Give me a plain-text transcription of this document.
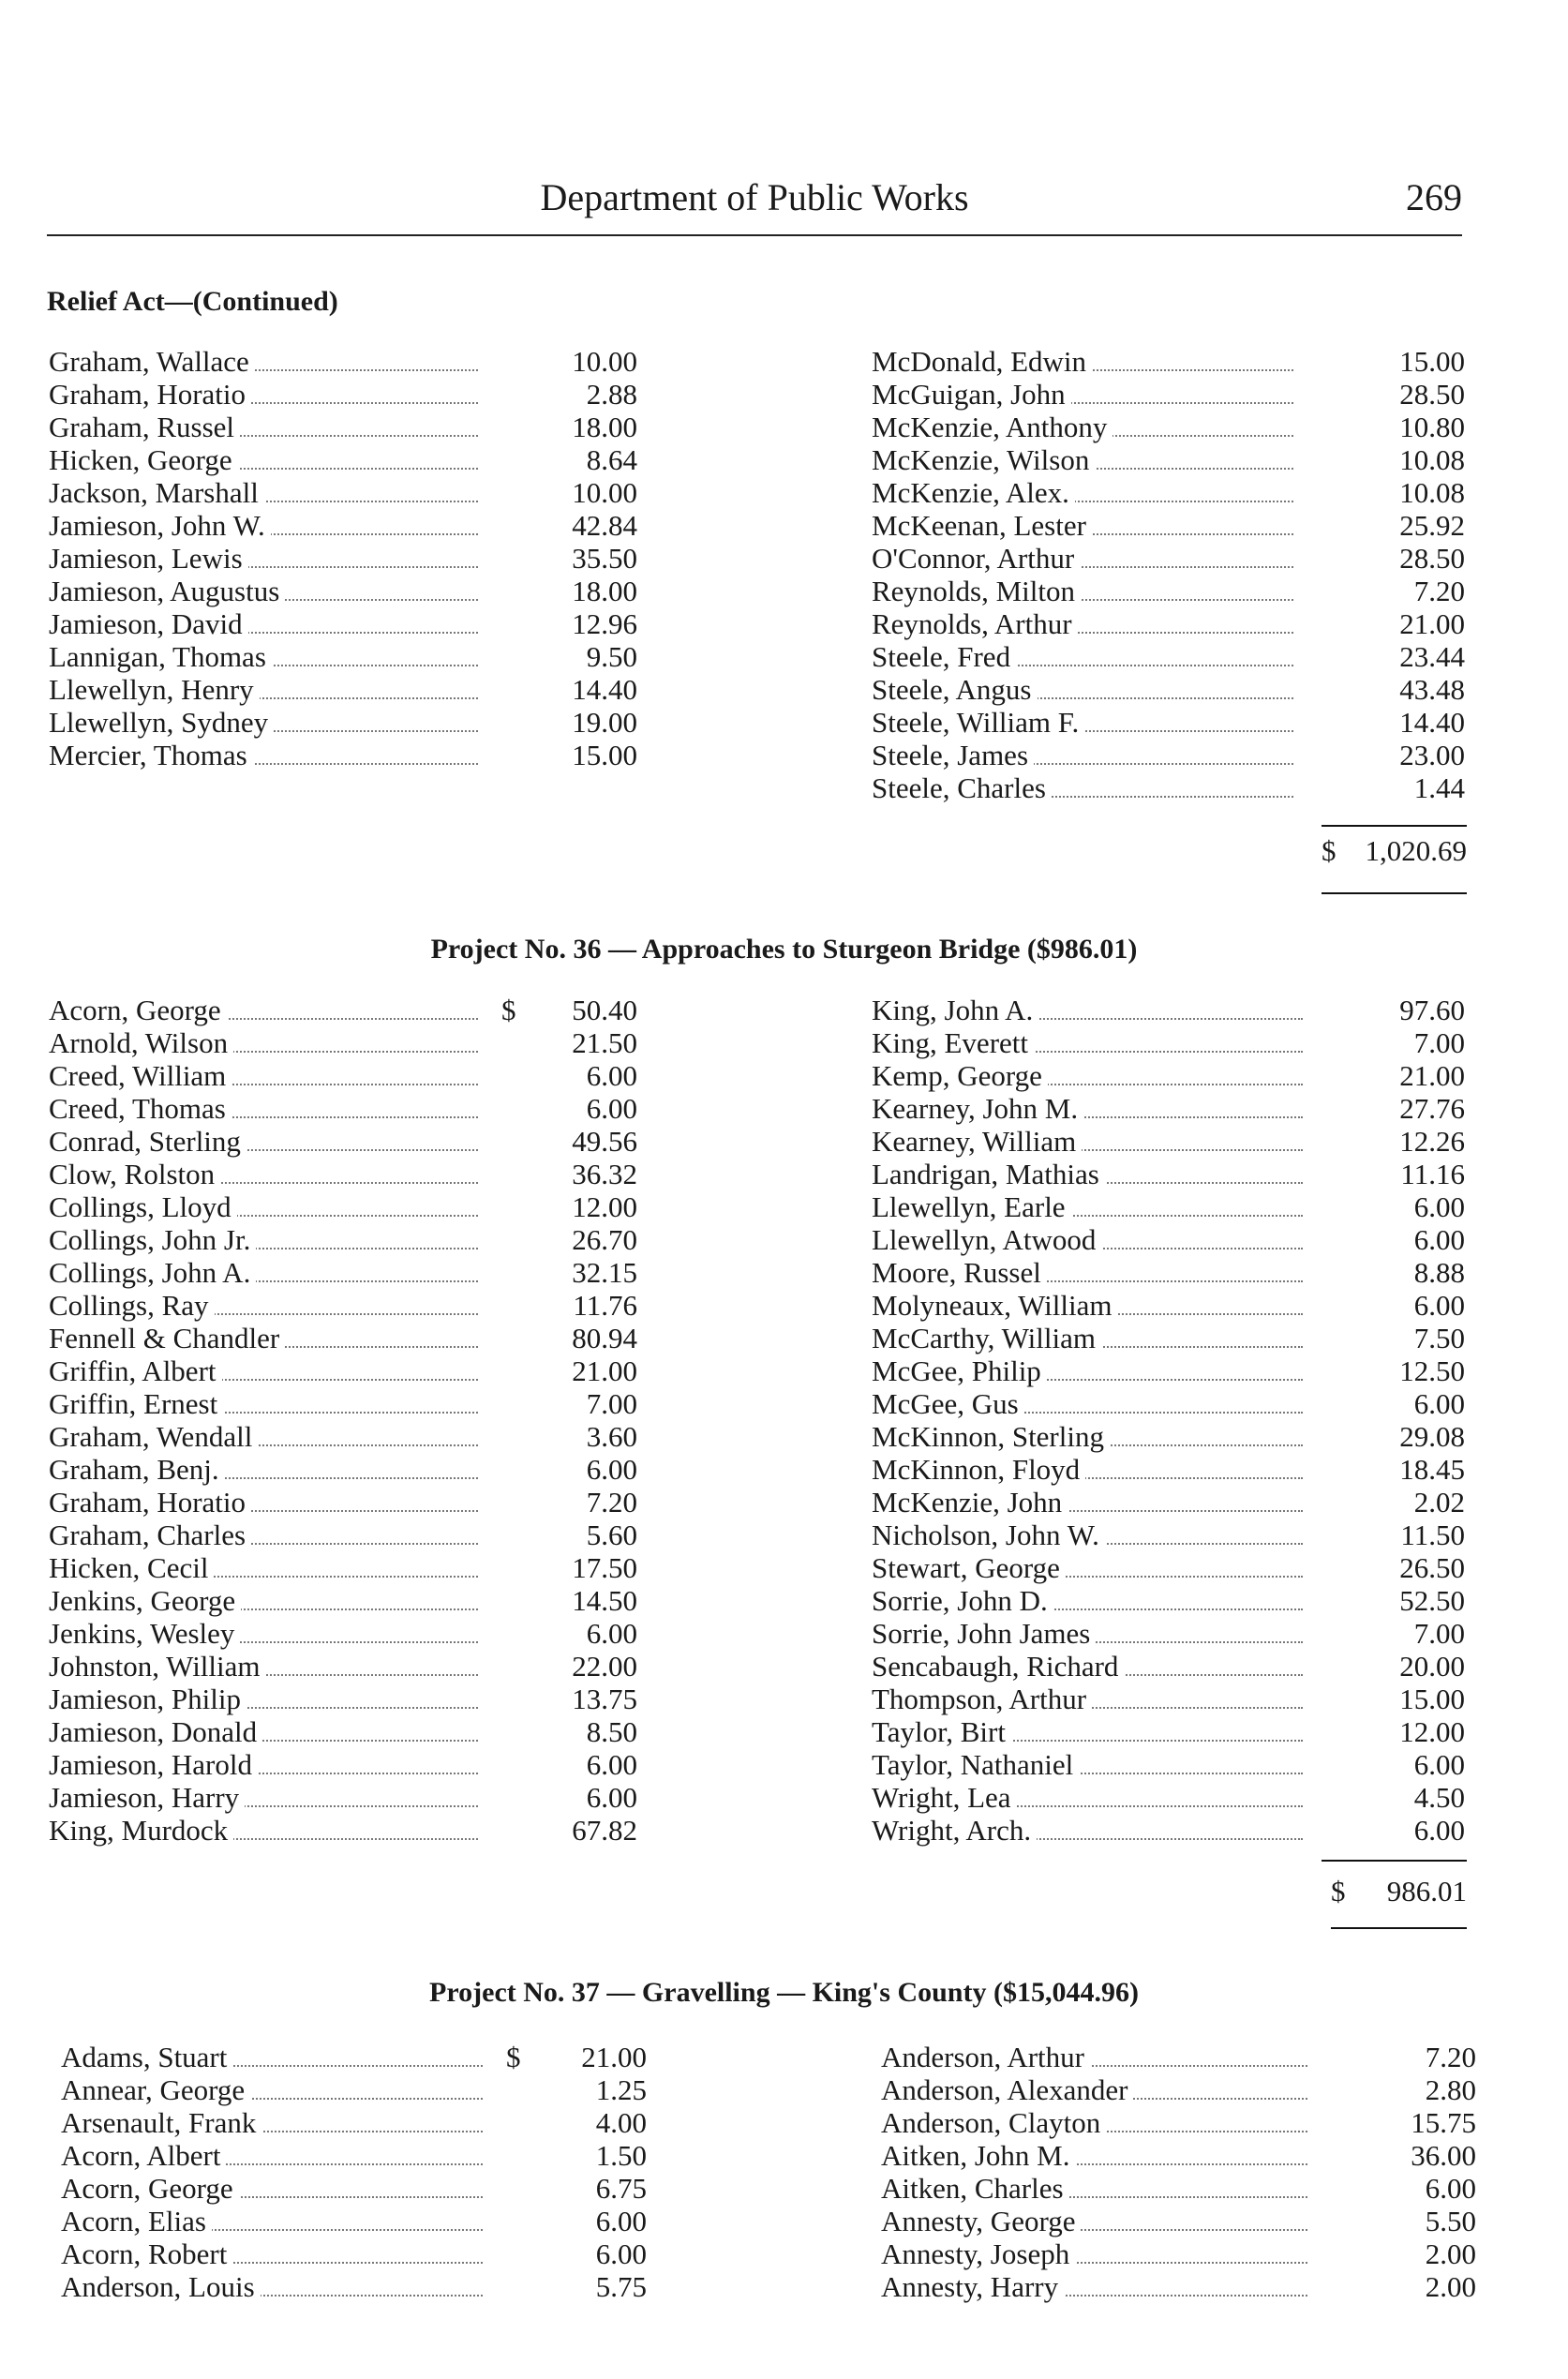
Department of Public Works	269
Relief Act—(Continued)
Graham, Wallace	10.00
Graham, Horatio	2.88
Graham, Russel	18.00
Hicken, George	8.64
Jackson, Marshall	10.00
Jamieson, John W.	42.84
Jamieson, Lewis	35.50
Jamieson, Augustus	18.00
Jamieson, David	12.96
Lannigan, Thomas	9.50
Llewellyn, Henry	14.40
Llewellyn, Sydney	19.00
Mercier, Thomas	15.00
McDonald, Edwin	15.00
McGuigan, John	28.50
McKenzie, Anthony	10.80
McKenzie, Wilson	10.08
McKenzie, Alex.	10.08
McKeenan, Lester	25.92
O'Connor, Arthur	28.50
Reynolds, Milton	7.20
Reynolds, Arthur	21.00
Steele, Fred	23.44
Steele, Angus	43.48
Steele, William F.	14.40
Steele, James	23.00
Steele, Charles	1.44
$ 1,020.69
Project No. 36 — Approaches to Sturgeon Bridge ($986.01)
Acorn, George	$ 50.40
Arnold, Wilson	21.50
Creed, William	6.00
Creed, Thomas	6.00
Conrad, Sterling	49.56
Clow, Rolston	36.32
Collings, Lloyd	12.00
Collings, John Jr.	26.70
Collings, John A.	32.15
Collings, Ray	11.76
Fennell & Chandler	80.94
Griffin, Albert	21.00
Griffin, Ernest	7.00
Graham, Wendall	3.60
Graham, Benj.	6.00
Graham, Horatio	7.20
Graham, Charles	5.60
Hicken, Cecil	17.50
Jenkins, George	14.50
Jenkins, Wesley	6.00
Johnston, William	22.00
Jamieson, Philip	13.75
Jamieson, Donald	8.50
Jamieson, Harold	6.00
Jamieson, Harry	6.00
King, Murdock	67.82
King, John A.	97.60
King, Everett	7.00
Kemp, George	21.00
Kearney, John M.	27.76
Kearney, William	12.26
Landrigan, Mathias	11.16
Llewellyn, Earle	6.00
Llewellyn, Atwood	6.00
Moore, Russel	8.88
Molyneaux, William	6.00
McCarthy, William	7.50
McGee, Philip	12.50
McGee, Gus	6.00
McKinnon, Sterling	29.08
McKinnon, Floyd	18.45
McKenzie, John	2.02
Nicholson, John W.	11.50
Stewart, George	26.50
Sorrie, John D.	52.50
Sorrie, John James	7.00
Sencabaugh, Richard	20.00
Thompson, Arthur	15.00
Taylor, Birt	12.00
Taylor, Nathaniel	6.00
Wright, Lea	4.50
Wright, Arch.	6.00
$ 986.01
Project No. 37 — Gravelling — King's County ($15,044.96)
Adams, Stuart	$ 21.00
Annear, George	1.25
Arsenault, Frank	4.00
Acorn, Albert	1.50
Acorn, George	6.75
Acorn, Elias	6.00
Acorn, Robert	6.00
Anderson, Louis	5.75
Anderson, Arthur	7.20
Anderson, Alexander	2.80
Anderson, Clayton	15.75
Aitken, John M.	36.00
Aitken, Charles	6.00
Annesty, George	5.50
Annesty, Joseph	2.00
Annesty, Harry	2.00
